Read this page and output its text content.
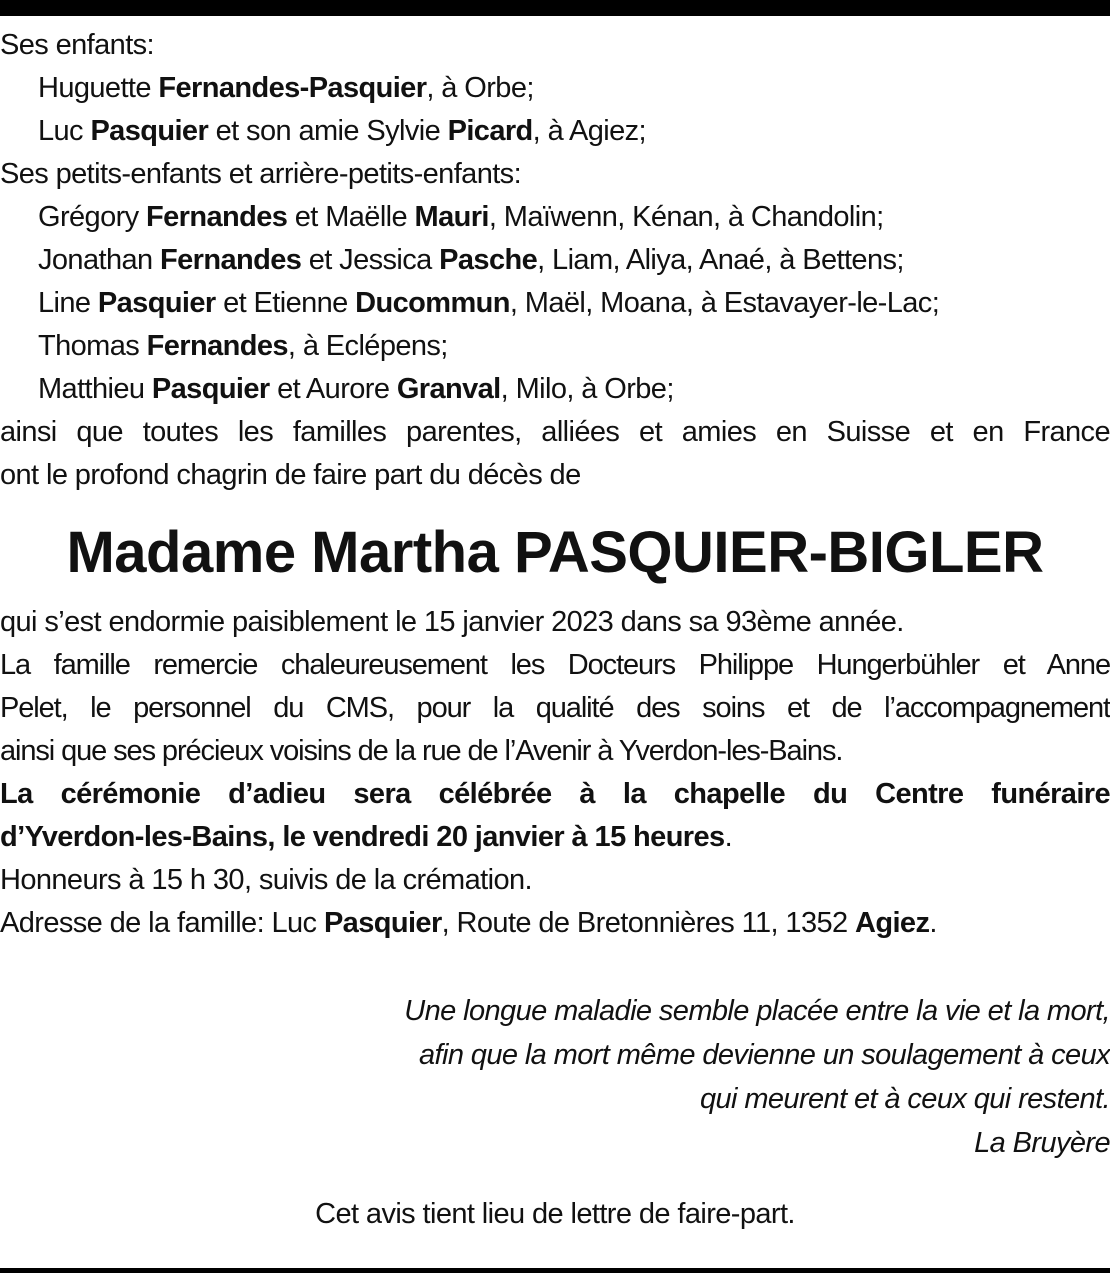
Ses enfants:
Huguette Fernandes-Pasquier, à Orbe;
Luc Pasquier et son amie Sylvie Picard, à Agiez;
Ses petits-enfants et arrière-petits-enfants:
Grégory Fernandes et Maëlle Mauri, Maïwenn, Kénan, à Chandolin;
Jonathan Fernandes et Jessica Pasche, Liam, Aliya, Anaé, à Bettens;
Line Pasquier et Etienne Ducommun, Maël, Moana, à Estavayer-le-Lac;
Thomas Fernandes, à Eclépens;
Matthieu Pasquier et Aurore Granval, Milo, à Orbe;
ainsi que toutes les familles parentes, alliées et amies en Suisse et en France
ont le profond chagrin de faire part du décès de
Madame Martha PASQUIER-BIGLER
qui s’est endormie paisiblement le 15 janvier 2023 dans sa 93ème année.
La famille remercie chaleureusement les Docteurs Philippe Hungerbühler et Anne
Pelet, le personnel du CMS, pour la qualité des soins et de l’accompagnement
ainsi que ses précieux voisins de la rue de l’Avenir à Yverdon-les-Bains.
La cérémonie d’adieu sera célébrée à la chapelle du Centre funéraire
d’Yverdon-les-Bains, le vendredi 20 janvier à 15 heures.
Honneurs à 15 h 30, suivis de la crémation.
Adresse de la famille: Luc Pasquier, Route de Bretonnières 11, 1352 Agiez.
Une longue maladie semble placée entre la vie et la mort,
afin que la mort même devienne un soulagement à ceux
qui meurent et à ceux qui restent.
La Bruyère
Cet avis tient lieu de lettre de faire-part.
